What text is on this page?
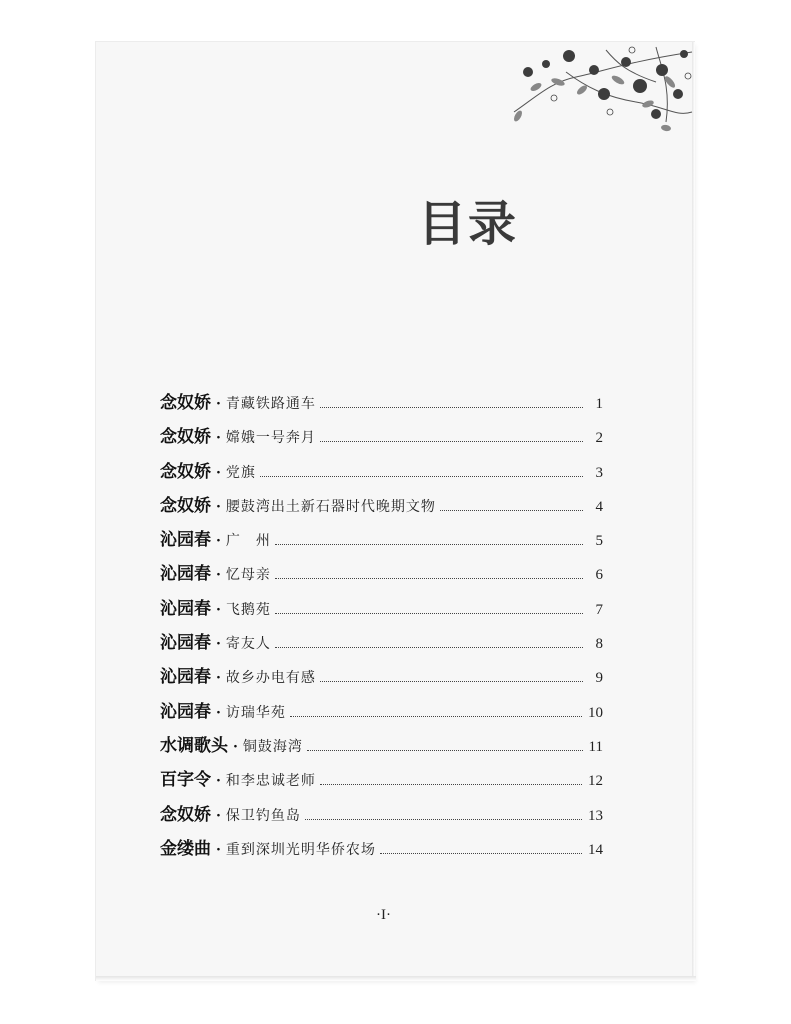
目录
念奴娇 · 青藏铁路通车	1
念奴娇 · 嫦娥一号奔月	2
念奴娇 · 党旗	3
念奴娇 · 腰鼓湾出土新石器时代晚期文物	4
沁园春 · 广　州	5
沁园春 · 忆母亲	6
沁园春 · 飞鹅苑	7
沁园春 · 寄友人	8
沁园春 · 故乡办电有感	9
沁园春 · 访瑞华苑	10
水调歌头 · 铜鼓海湾	11
百字令 · 和李忠诚老师	12
念奴娇 · 保卫钓鱼岛	13
金缕曲 · 重到深圳光明华侨农场	14
·I·
